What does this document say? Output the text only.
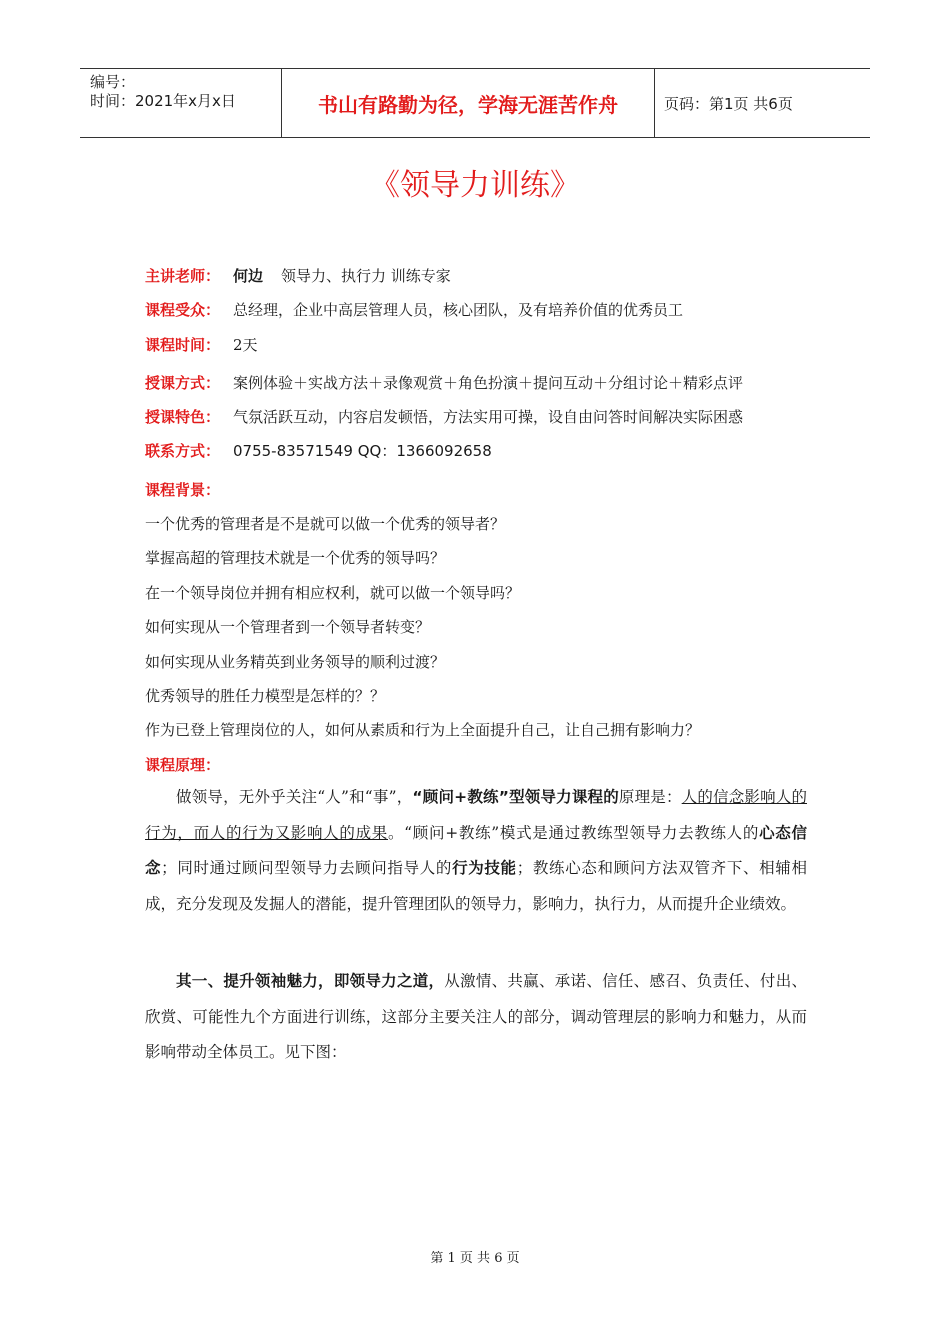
编号：
时间：2021年x月x日	书山有路勤为径，学海无涯苦作舟	页码：第1页 共6页
《领导力训练》
主讲老师： 何边 领导力、执行力 训练专家
课程受众： 总经理，企业中高层管理人员，核心团队，及有培养价值的优秀员工
课程时间： 2天
授课方式： 案例体验＋实战方法＋录像观赏＋角色扮演＋提问互动＋分组讨论＋精彩点评
授课特色： 气氛活跃互动，内容启发顿悟，方法实用可操，设自由问答时间解决实际困惑
联系方式： 0755-83571549 QQ：1366092658
课程背景：
一个优秀的管理者是不是就可以做一个优秀的领导者？
掌握高超的管理技术就是一个优秀的领导吗？
在一个领导岗位并拥有相应权利，就可以做一个领导吗？
如何实现从一个管理者到一个领导者转变？
如何实现从业务精英到业务领导的顺利过渡？
优秀领导的胜任力模型是怎样的？？
作为已登上管理岗位的人，如何从素质和行为上全面提升自己，让自己拥有影响力？
课程原理：

做领导，无外乎关注“人”和“事”，“顾问+教练”型领导力课程的原理是：人的信念影响人的行为，而人的行为又影响人的成果。“顾问+教练”模式是通过教练型领导力去教练人的心态信念；同时通过顾问型领导力去顾问指导人的行为技能；教练心态和顾问方法双管齐下、相辅相成，充分发现及发掘人的潜能，提升管理团队的领导力，影响力，执行力，从而提升企业绩效。

其一、提升领袖魅力，即领导力之道，从激情、共赢、承诺、信任、感召、负责任、付出、欣赏、可能性九个方面进行训练，这部分主要关注人的部分，调动管理层的影响力和魅力，从而影响带动全体员工。见下图：

第 1 页 共 6 页
